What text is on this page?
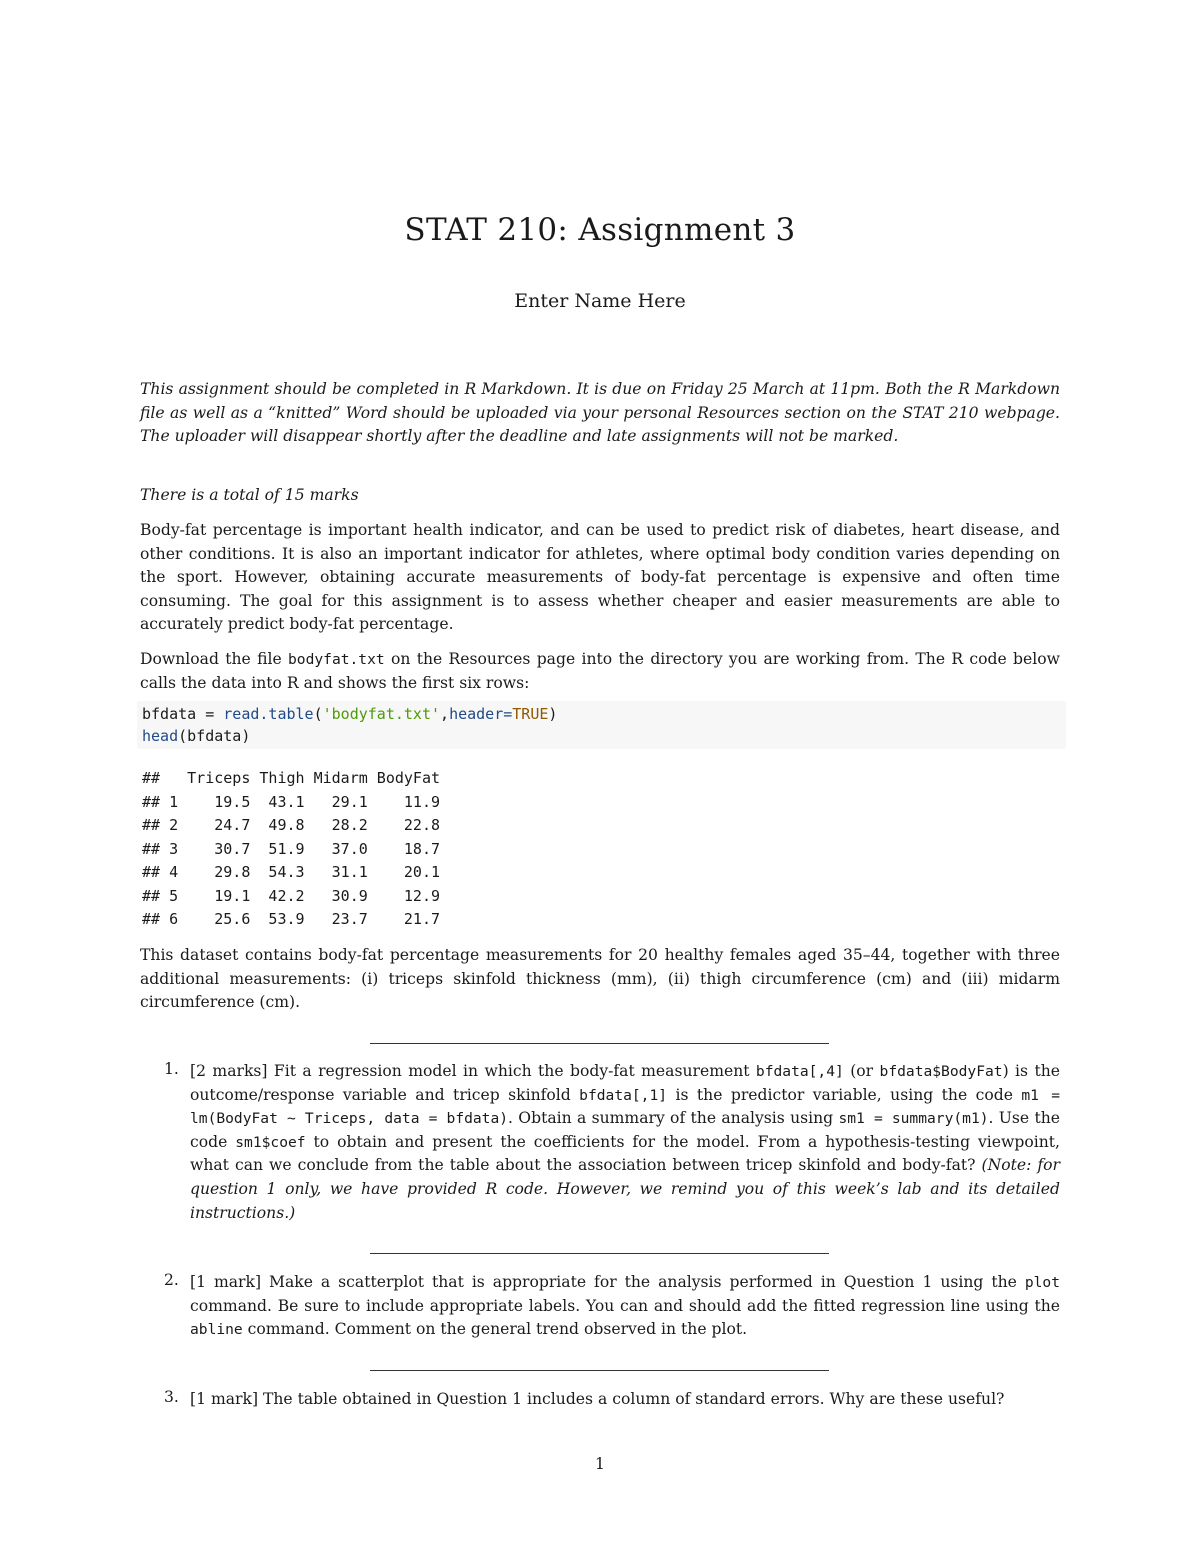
STAT 210: Assignment 3
Enter Name Here
This assignment should be completed in R Markdown. It is due on Friday 25 March at 11pm. Both the R Markdown file as well as a “knitted” Word should be uploaded via your personal Resources section on the STAT 210 webpage. The uploader will disappear shortly after the deadline and late assignments will not be marked.
There is a total of 15 marks
Body-fat percentage is important health indicator, and can be used to predict risk of diabetes, heart disease, and other conditions. It is also an important indicator for athletes, where optimal body condition varies depending on the sport. However, obtaining accurate measurements of body-fat percentage is expensive and often time consuming. The goal for this assignment is to assess whether cheaper and easier measurements are able to accurately predict body-fat percentage.
Download the file bodyfat.txt on the Resources page into the directory you are working from. The R code below calls the data into R and shows the first six rows:
bfdata = read.table('bodyfat.txt',header=TRUE)
head(bfdata)
##   Triceps Thigh Midarm BodyFat
## 1    19.5  43.1   29.1    11.9
## 2    24.7  49.8   28.2    22.8
## 3    30.7  51.9   37.0    18.7
## 4    29.8  54.3   31.1    20.1
## 5    19.1  42.2   30.9    12.9
## 6    25.6  53.9   23.7    21.7
This dataset contains body-fat percentage measurements for 20 healthy females aged 35–44, together with three additional measurements: (i) triceps skinfold thickness (mm), (ii) thigh circumference (cm) and (iii) midarm circumference (cm).
1. [2 marks] Fit a regression model in which the body-fat measurement bfdata[,4] (or bfdata$BodyFat) is the outcome/response variable and tricep skinfold bfdata[,1] is the predictor variable, using the code m1 = lm(BodyFat ~ Triceps, data = bfdata). Obtain a summary of the analysis using sm1 = summary(m1). Use the code sm1$coef to obtain and present the coefficients for the model. From a hypothesis-testing viewpoint, what can we conclude from the table about the association between tricep skinfold and body-fat? (Note: for question 1 only, we have provided R code. However, we remind you of this week’s lab and its detailed instructions.)
2. [1 mark] Make a scatterplot that is appropriate for the analysis performed in Question 1 using the plot command. Be sure to include appropriate labels. You can and should add the fitted regression line using the abline command. Comment on the general trend observed in the plot.
3. [1 mark] The table obtained in Question 1 includes a column of standard errors. Why are these useful?
1
